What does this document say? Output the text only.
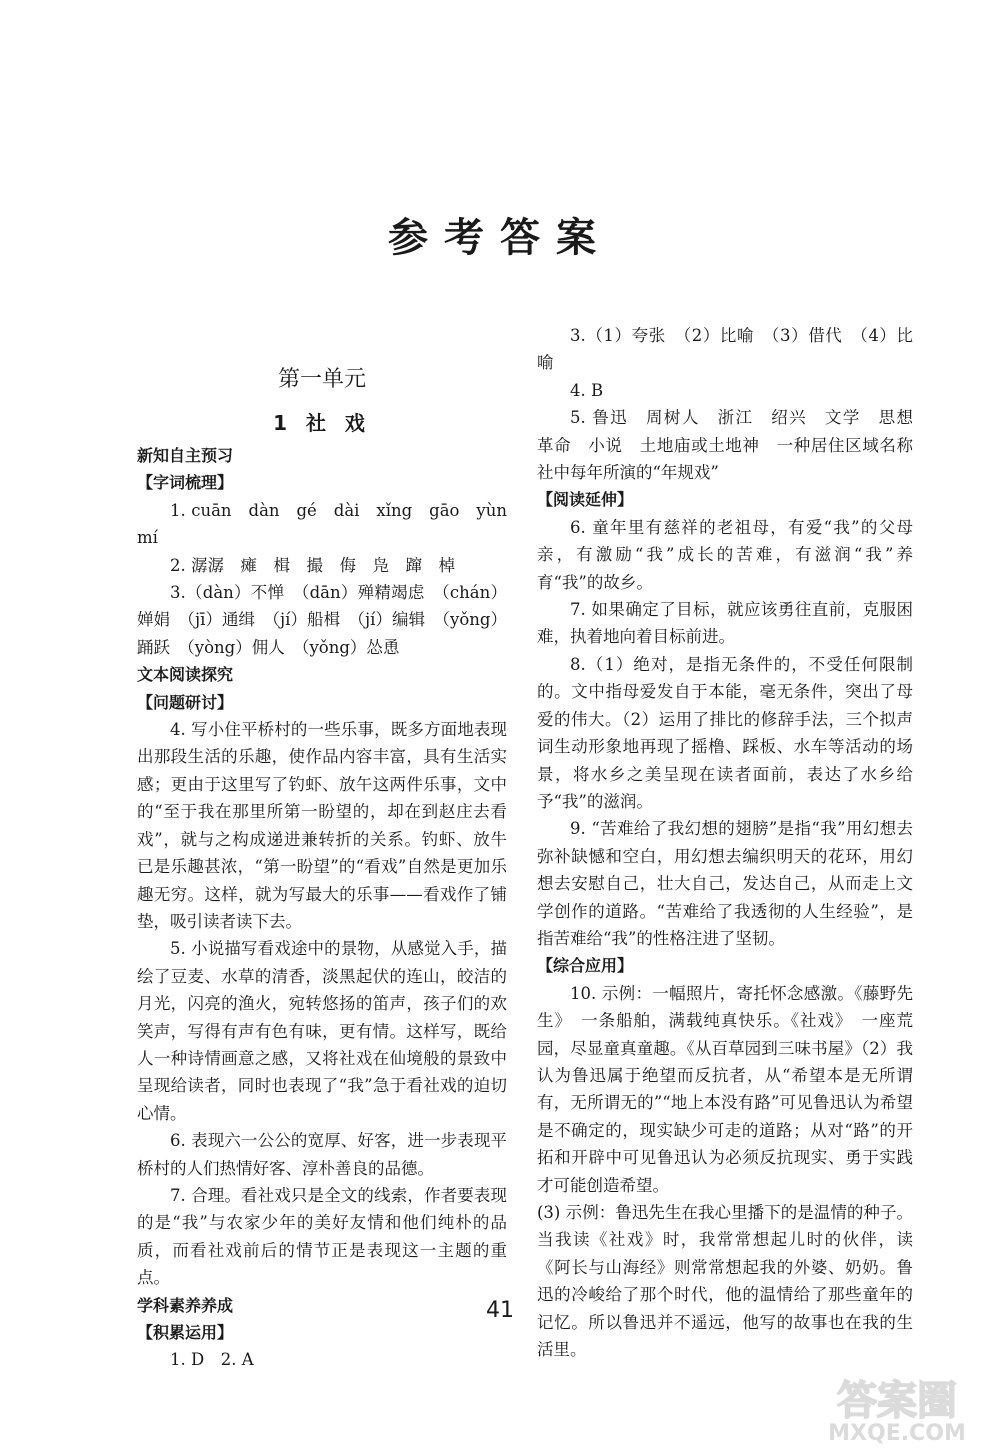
参考答案
第一单元
1 社 戏
新知自主预习
【字词梳理】

1. cuān　dàn　gé　dài　xǐng　gāo　yùn　mí

2. 潺潺　瘫　楫　撮　侮　凫　蹿　棹

3.（dàn）不惮　（dān）殚精竭虑　（chán）婵娟　（jī）通缉　（jí）船楫　（jí）编辑　（yǒng）踊跃　（yòng）佣人　（yǒng）怂恿

文本阅读探究
【问题研讨】

4. 写小住平桥村的一些乐事，既多方面地表现出那段生活的乐趣，使作品内容丰富，具有生活实感；更由于这里写了钓虾、放午这两件乐事，文中的“至于我在那里所第一盼望的，却在到赵庄去看戏”，就与之构成递进兼转折的关系。钓虾、放牛已是乐趣甚浓，“第一盼望”的“看戏”自然是更加乐趣无穷。这样，就为写最大的乐事——看戏作了铺垫，吸引读者读下去。

5. 小说描写看戏途中的景物，从感觉入手，描绘了豆麦、水草的清香，淡黑起伏的连山，皎洁的月光，闪亮的渔火，宛转悠扬的笛声，孩子们的欢笑声，写得有声有色有味，更有情。这样写，既给人一种诗情画意之感，又将社戏在仙境般的景致中呈现给读者，同时也表现了“我”急于看社戏的迫切心情。

6. 表现六一公公的宽厚、好客，进一步表现平桥村的人们热情好客、淳朴善良的品德。

7. 合理。看社戏只是全文的线索，作者要表现的是“我”与农家少年的美好友情和他们纯朴的品质，而看社戏前后的情节正是表现这一主题的重点。

学科素养养成
【积累运用】

1. D　2. A

3.（1）夸张　（2）比喻　（3）借代　（4）比喻

4. B

5. 鲁迅　周树人　浙江　绍兴　文学　思想　革命　小说　土地庙或土地神　一种居住区域名称　社中每年所演的“年规戏”

【阅读延伸】

6. 童年里有慈祥的老祖母，有爱“我”的父母亲，有激励“我”成长的苦难，有滋润“我”养育“我”的故乡。

7. 如果确定了目标，就应该勇往直前，克服困难，执着地向着目标前进。

8.（1）绝对，是指无条件的，不受任何限制的。文中指母爱发自于本能，毫无条件，突出了母爱的伟大。（2）运用了排比的修辞手法，三个拟声词生动形象地再现了摇橹、踩板、水车等活动的场景，将水乡之美呈现在读者面前，表达了水乡给予“我”的滋润。

9. “苦难给了我幻想的翅膀”是指“我”用幻想去弥补缺憾和空白，用幻想去编织明天的花环，用幻想去安慰自己，壮大自己，发达自己，从而走上文学创作的道路。“苦难给了我透彻的人生经验”，是指苦难给“我”的性格注进了坚韧。

【综合应用】

10. 示例：一幅照片，寄托怀念感激。《藤野先生》　一条船舶，满载纯真快乐。《社戏》　一座荒园，尽显童真童趣。《从百草园到三味书屋》（2）我认为鲁迅属于绝望而反抗者，从“希望本是无所谓有，无所谓无的”“地上本没有路”可见鲁迅认为希望是不确定的，现实缺少可走的道路；从对“路”的开拓和开辟中可见鲁迅认为必须反抗现实、勇于实践才可能创造希望。

(3) 示例：鲁迅先生在我心里播下的是温情的种子。当我读《社戏》时，我常常想起儿时的伙伴，读《阿长与山海经》则常常想起我的外婆、奶奶。鲁迅的冷峻给了那个时代，他的温情给了那些童年的记忆。所以鲁迅并不遥远，他写的故事也在我的生活里。

41
答案圈
MXQE.COM
